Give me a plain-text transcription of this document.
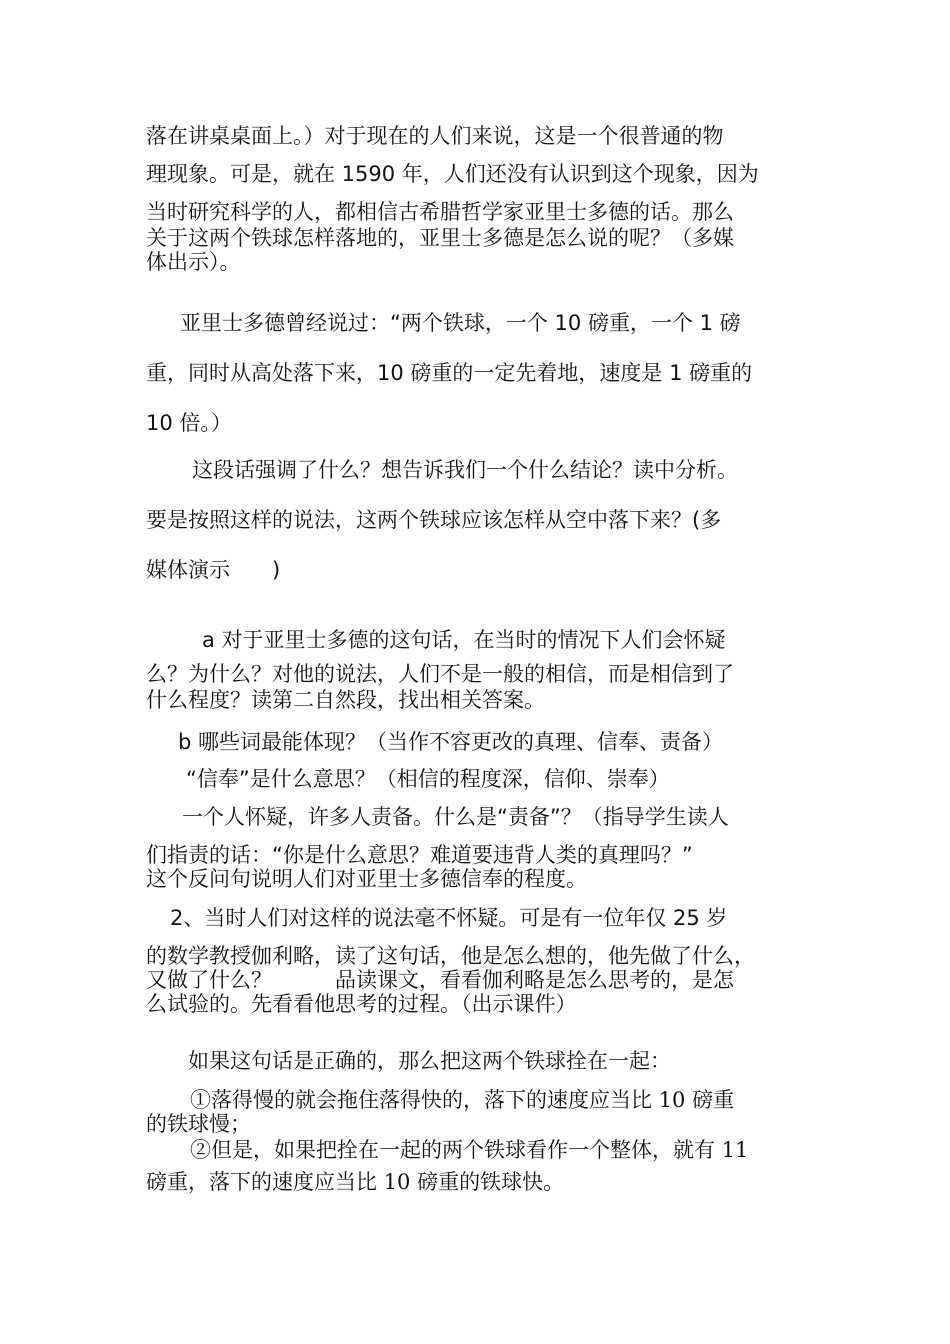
落在讲桌桌面上。）对于现在的人们来说，这是一个很普通的物
理现象。可是，就在 1590 年，人们还没有认识到这个现象，因为
当时研究科学的人，都相信古希腊哲学家亚里士多德的话。那么
关于这两个铁球怎样落地的，亚里士多德是怎么说的呢？（多媒
体出示）。
亚里士多德曾经说过：“两个铁球，一个 10 磅重，一个 1 磅
重，同时从高处落下来，10 磅重的一定先着地，速度是 1 磅重的
10 倍。）
这段话强调了什么？想告诉我们一个什么结论？读中分析。
要是按照这样的说法，这两个铁球应该怎样从空中落下来？(多
媒体演示　　)
a 对于亚里士多德的这句话，在当时的情况下人们会怀疑
么？为什么？对他的说法，人们不是一般的相信，而是相信到了
什么程度？读第二自然段，找出相关答案。
b 哪些词最能体现？（当作不容更改的真理、信奉、责备）
“信奉”是什么意思？（相信的程度深，信仰、崇奉）
一个人怀疑，许多人责备。什么是“责备”？（指导学生读人
们指责的话：“你是什么意思？难道要违背人类的真理吗？”
这个反问句说明人们对亚里士多德信奉的程度。
2、当时人们对这样的说法毫不怀疑。可是有一位年仅 25 岁
的数学教授伽利略，读了这句话，他是怎么想的，他先做了什么，
又做了什么？　　　品读课文，看看伽利略是怎么思考的，是怎
么试验的。先看看他思考的过程。（出示课件）
如果这句话是正确的，那么把这两个铁球拴在一起：
①落得慢的就会拖住落得快的，落下的速度应当比 10 磅重
的铁球慢；
②但是，如果把拴在一起的两个铁球看作一个整体，就有 11
磅重，落下的速度应当比 10 磅重的铁球快。
